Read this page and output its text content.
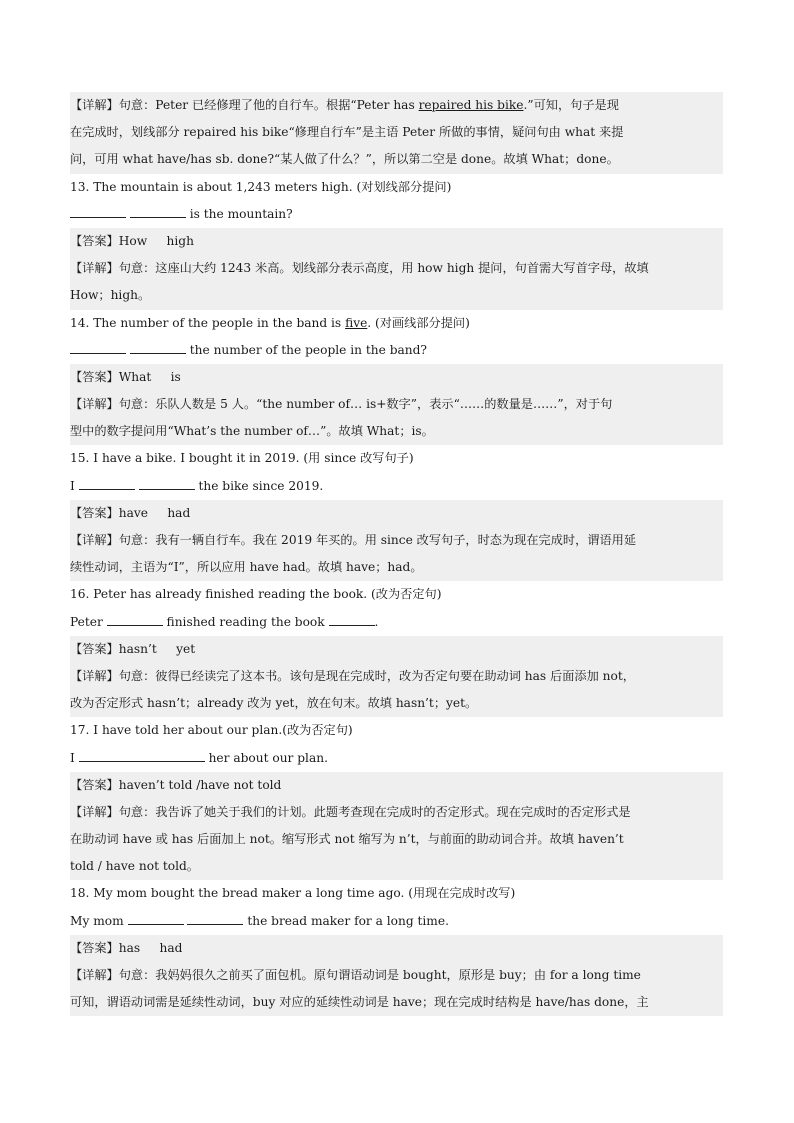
【详解】句意：Peter 已经修理了他的自行车。根据“Peter has repaired his bike.”可知，句子是现
在完成时，划线部分 repaired his bike“修理自行车”是主语 Peter 所做的事情，疑问句由 what 来提
问，可用 what have/has sb. done?“某人做了什么？”，所以第二空是 done。故填 What；done。
13. The mountain is about 1,243 meters high. (对划线部分提问)
is the mountain?
【答案】How     high
【详解】句意：这座山大约 1243 米高。划线部分表示高度，用 how high 提问，句首需大写首字母，故填
How；high。
14. The number of the people in the band is five. (对画线部分提问)
the number of the people in the band?
【答案】What     is
【详解】句意：乐队人数是 5 人。“the number of… is+数字”，表示“……的数量是……”，对于句
型中的数字提问用“What’s the number of…”。故填 What；is。
15. I have a bike. I bought it in 2019. (用 since 改写句子)
I	the bike since 2019.
【答案】have     had
【详解】句意：我有一辆自行车。我在 2019 年买的。用 since 改写句子，时态为现在完成时，谓语用延
续性动词，主语为“I”，所以应用 have had。故填 have；had。
16. Peter has already finished reading the book. (改为否定句)
Peter	finished reading the book	.
【答案】hasn’t     yet
【详解】句意：彼得已经读完了这本书。该句是现在完成时，改为否定句要在助动词 has 后面添加 not，
改为否定形式 hasn’t；already 改为 yet，放在句末。故填 hasn’t；yet。
17. I have told her about our plan.(改为否定句)
I	her about our plan.
【答案】haven’t told /have not told
【详解】句意：我告诉了她关于我们的计划。此题考查现在完成时的否定形式。现在完成时的否定形式是
在助动词 have 或 has 后面加上 not。缩写形式 not 缩写为 n’t，与前面的助动词合并。故填 haven’t
told / have not told。
18. My mom bought the bread maker a long time ago. (用现在完成时改写)
My mom	the bread maker for a long time.
【答案】has     had
【详解】句意：我妈妈很久之前买了面包机。原句谓语动词是 bought，原形是 buy；由 for a long time
可知，谓语动词需是延续性动词，buy 对应的延续性动词是 have；现在完成时结构是 have/has done，主
